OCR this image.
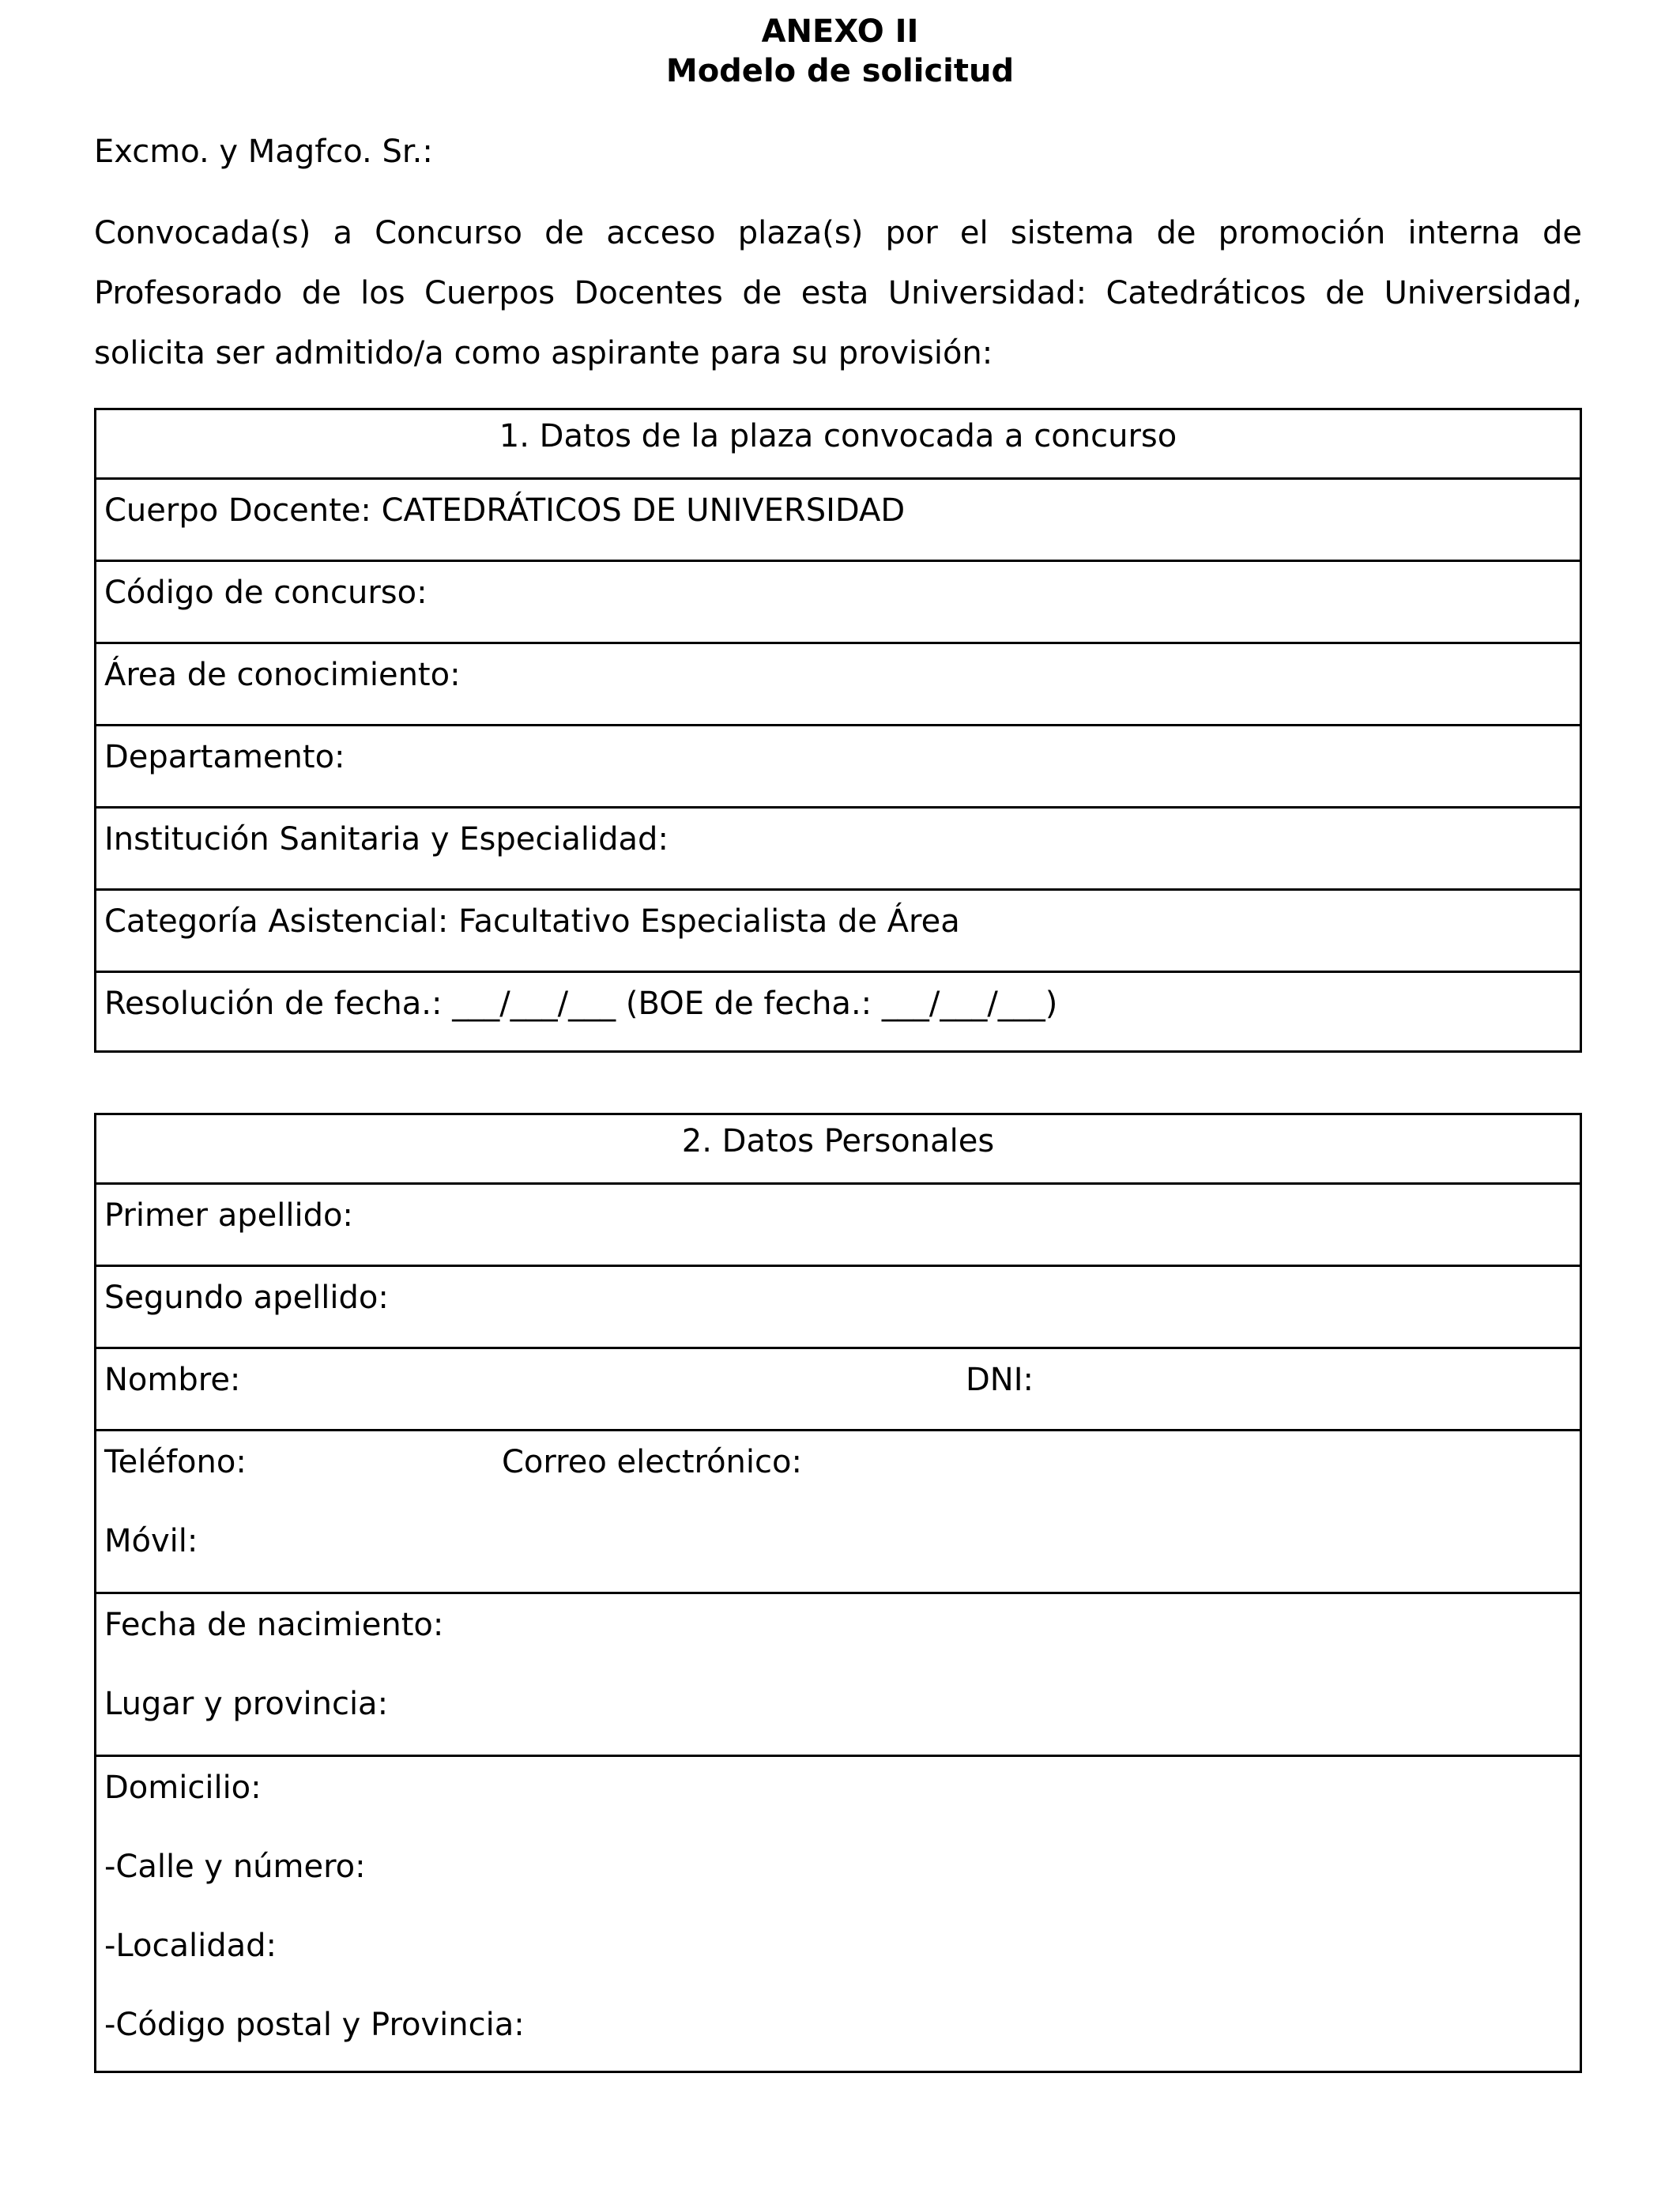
ANEXO II
Modelo de solicitud
Excmo. y Magfco. Sr.:
Convocada(s) a Concurso de acceso plaza(s) por el sistema de promoción interna de Profesorado de los Cuerpos Docentes de esta Universidad: Catedráticos de Universidad, solicita ser admitido/a como aspirante para su provisión:
1. Datos de la plaza convocada a concurso
Cuerpo Docente: CATEDRÁTICOS DE UNIVERSIDAD
Código de concurso:
Área de conocimiento:
Departamento:
Institución Sanitaria y Especialidad:
Categoría Asistencial: Facultativo Especialista de Área
Resolución de fecha.: ___/___/___ (BOE de fecha.: ___/___/___)
2. Datos Personales
Primer apellido:
Segundo apellido:
Nombre:	DNI:
Teléfono:	Correo electrónico:
Móvil:
Fecha de nacimiento:
Lugar y provincia:
Domicilio:
-Calle y número:
-Localidad:
-Código postal y Provincia:
